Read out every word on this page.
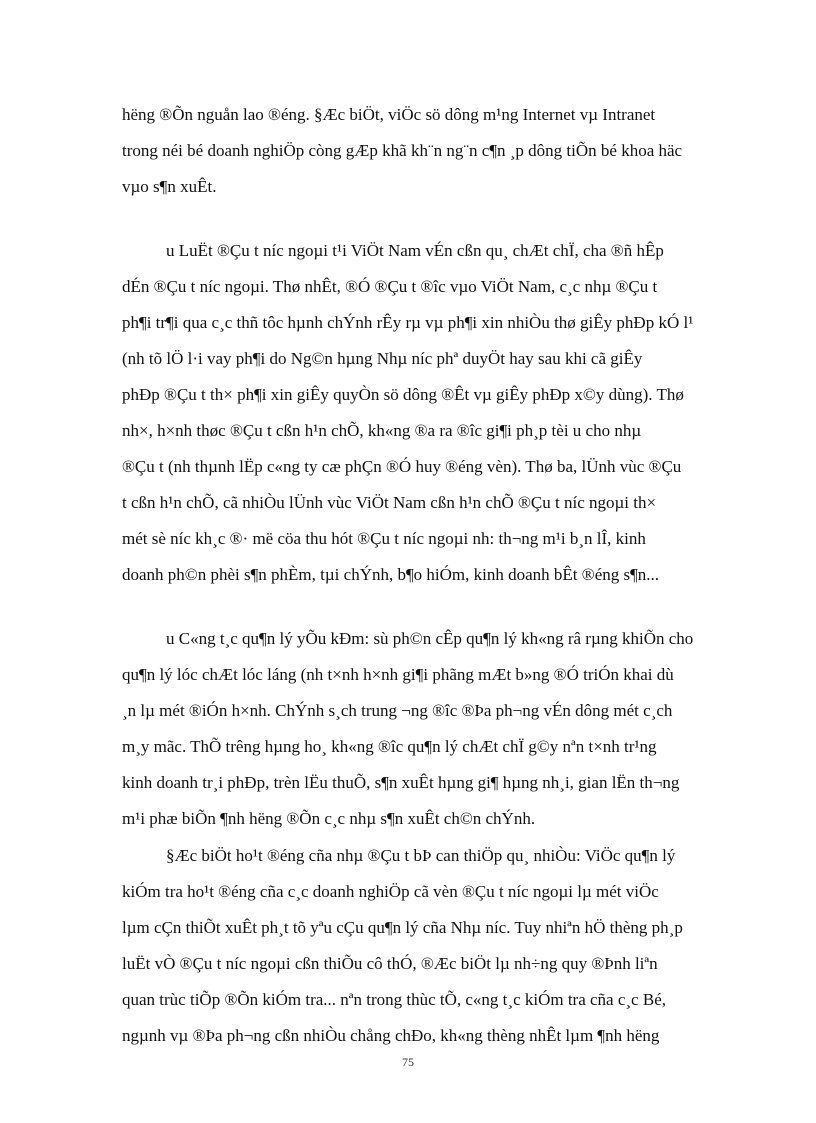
hëng ®Õn nguån lao ®éng. §Æc biÖt, viÖc sö dông m¹ng Internet vµ Intranet
trong néi bé doanh nghiÖp còng gÆp khã kh¨n ng¨n c¶n ¸p dông tiÕn bé khoa häc
vµo s¶n xuÊt.
u LuËt ®Çu t níc ngoµi t¹i ViÖt Nam vÉn cßn qu¸ chÆt chÏ, cha ®ñ hÊp
dÉn ®Çu t níc ngoµi. Thø nhÊt, ®Ó ®Çu t ®îc vµo ViÖt Nam, c¸c nhµ ®Çu t
ph¶i tr¶i qua c¸c thñ tôc hµnh chÝnh rÊy rµ vµ ph¶i xin nhiÒu thø giÊy phÐp kÓ l¹
(nh tõ lÖ l·i vay ph¶i do Ng©n hµng Nhµ níc phª duyÖt hay sau khi cã giÊy
phÐp ®Çu t th× ph¶i xin giÊy quyÒn sö dông ®Êt vµ giÊy phÐp x©y dùng). Thø
nh×, h×nh thøc ®Çu t cßn h¹n chÕ, kh«ng ®a ra ®îc gi¶i ph¸p tèi u cho nhµ
®Çu t (nh thµnh lËp c«ng ty cæ phÇn ®Ó huy ®éng vèn). Thø ba, lÜnh vùc ®Çu
t cßn h¹n chÕ, cã nhiÒu lÜnh vùc ViÖt Nam cßn h¹n chÕ ®Çu t níc ngoµi th×
mét sè níc kh¸c ®· më cöa thu hót ®Çu t níc ngoµi nh: th¬ng m¹i b¸n lÎ, kinh
doanh ph©n phèi s¶n phÈm, tµi chÝnh, b¶o hiÓm, kinh doanh bÊt ®éng s¶n...
u C«ng t¸c qu¶n lý yÕu kÐm: sù ph©n cÊp qu¶n lý kh«ng râ rµng khiÕn cho
qu¶n lý lóc chÆt lóc láng (nh t×nh h×nh gi¶i phãng mÆt b»ng ®Ó triÓn khai dù
¸n lµ mét ®iÓn h×nh. ChÝnh s¸ch trung ¬ng ®îc ®Þa ph¬ng vÉn dông mét c¸ch
m¸y mãc. ThÕ trêng hµng ho¸ kh«ng ®îc qu¶n lý chÆt chÏ g©y nªn t×nh tr¹ng
kinh doanh tr¸i phÐp, trèn lËu thuÕ, s¶n xuÊt hµng gi¶ hµng nh¸i, gian lËn th¬ng
m¹i phæ biÕn ¶nh hëng ®Õn c¸c nhµ s¶n xuÊt ch©n chÝnh.
§Æc biÖt ho¹t ®éng cña nhµ ®Çu t bÞ can thiÖp qu¸ nhiÒu: ViÖc qu¶n lý
kiÓm tra ho¹t ®éng cña c¸c doanh nghiÖp cã vèn ®Çu t níc ngoµi lµ mét viÖc
lµm cÇn thiÕt xuÊt ph¸t tõ yªu cÇu qu¶n lý cña Nhµ níc. Tuy nhiªn hÖ thèng ph¸p
luËt vÒ ®Çu t níc ngoµi cßn thiÕu cô thÓ, ®Æc biÖt lµ nh÷ng quy ®Þnh liªn
quan trùc tiÕp ®Õn kiÓm tra... nªn trong thùc tÕ, c«ng t¸c kiÓm tra cña c¸c Bé,
ngµnh vµ ®Þa ph¬ng cßn nhiÒu chång chÐo, kh«ng thèng nhÊt lµm ¶nh hëng
75
